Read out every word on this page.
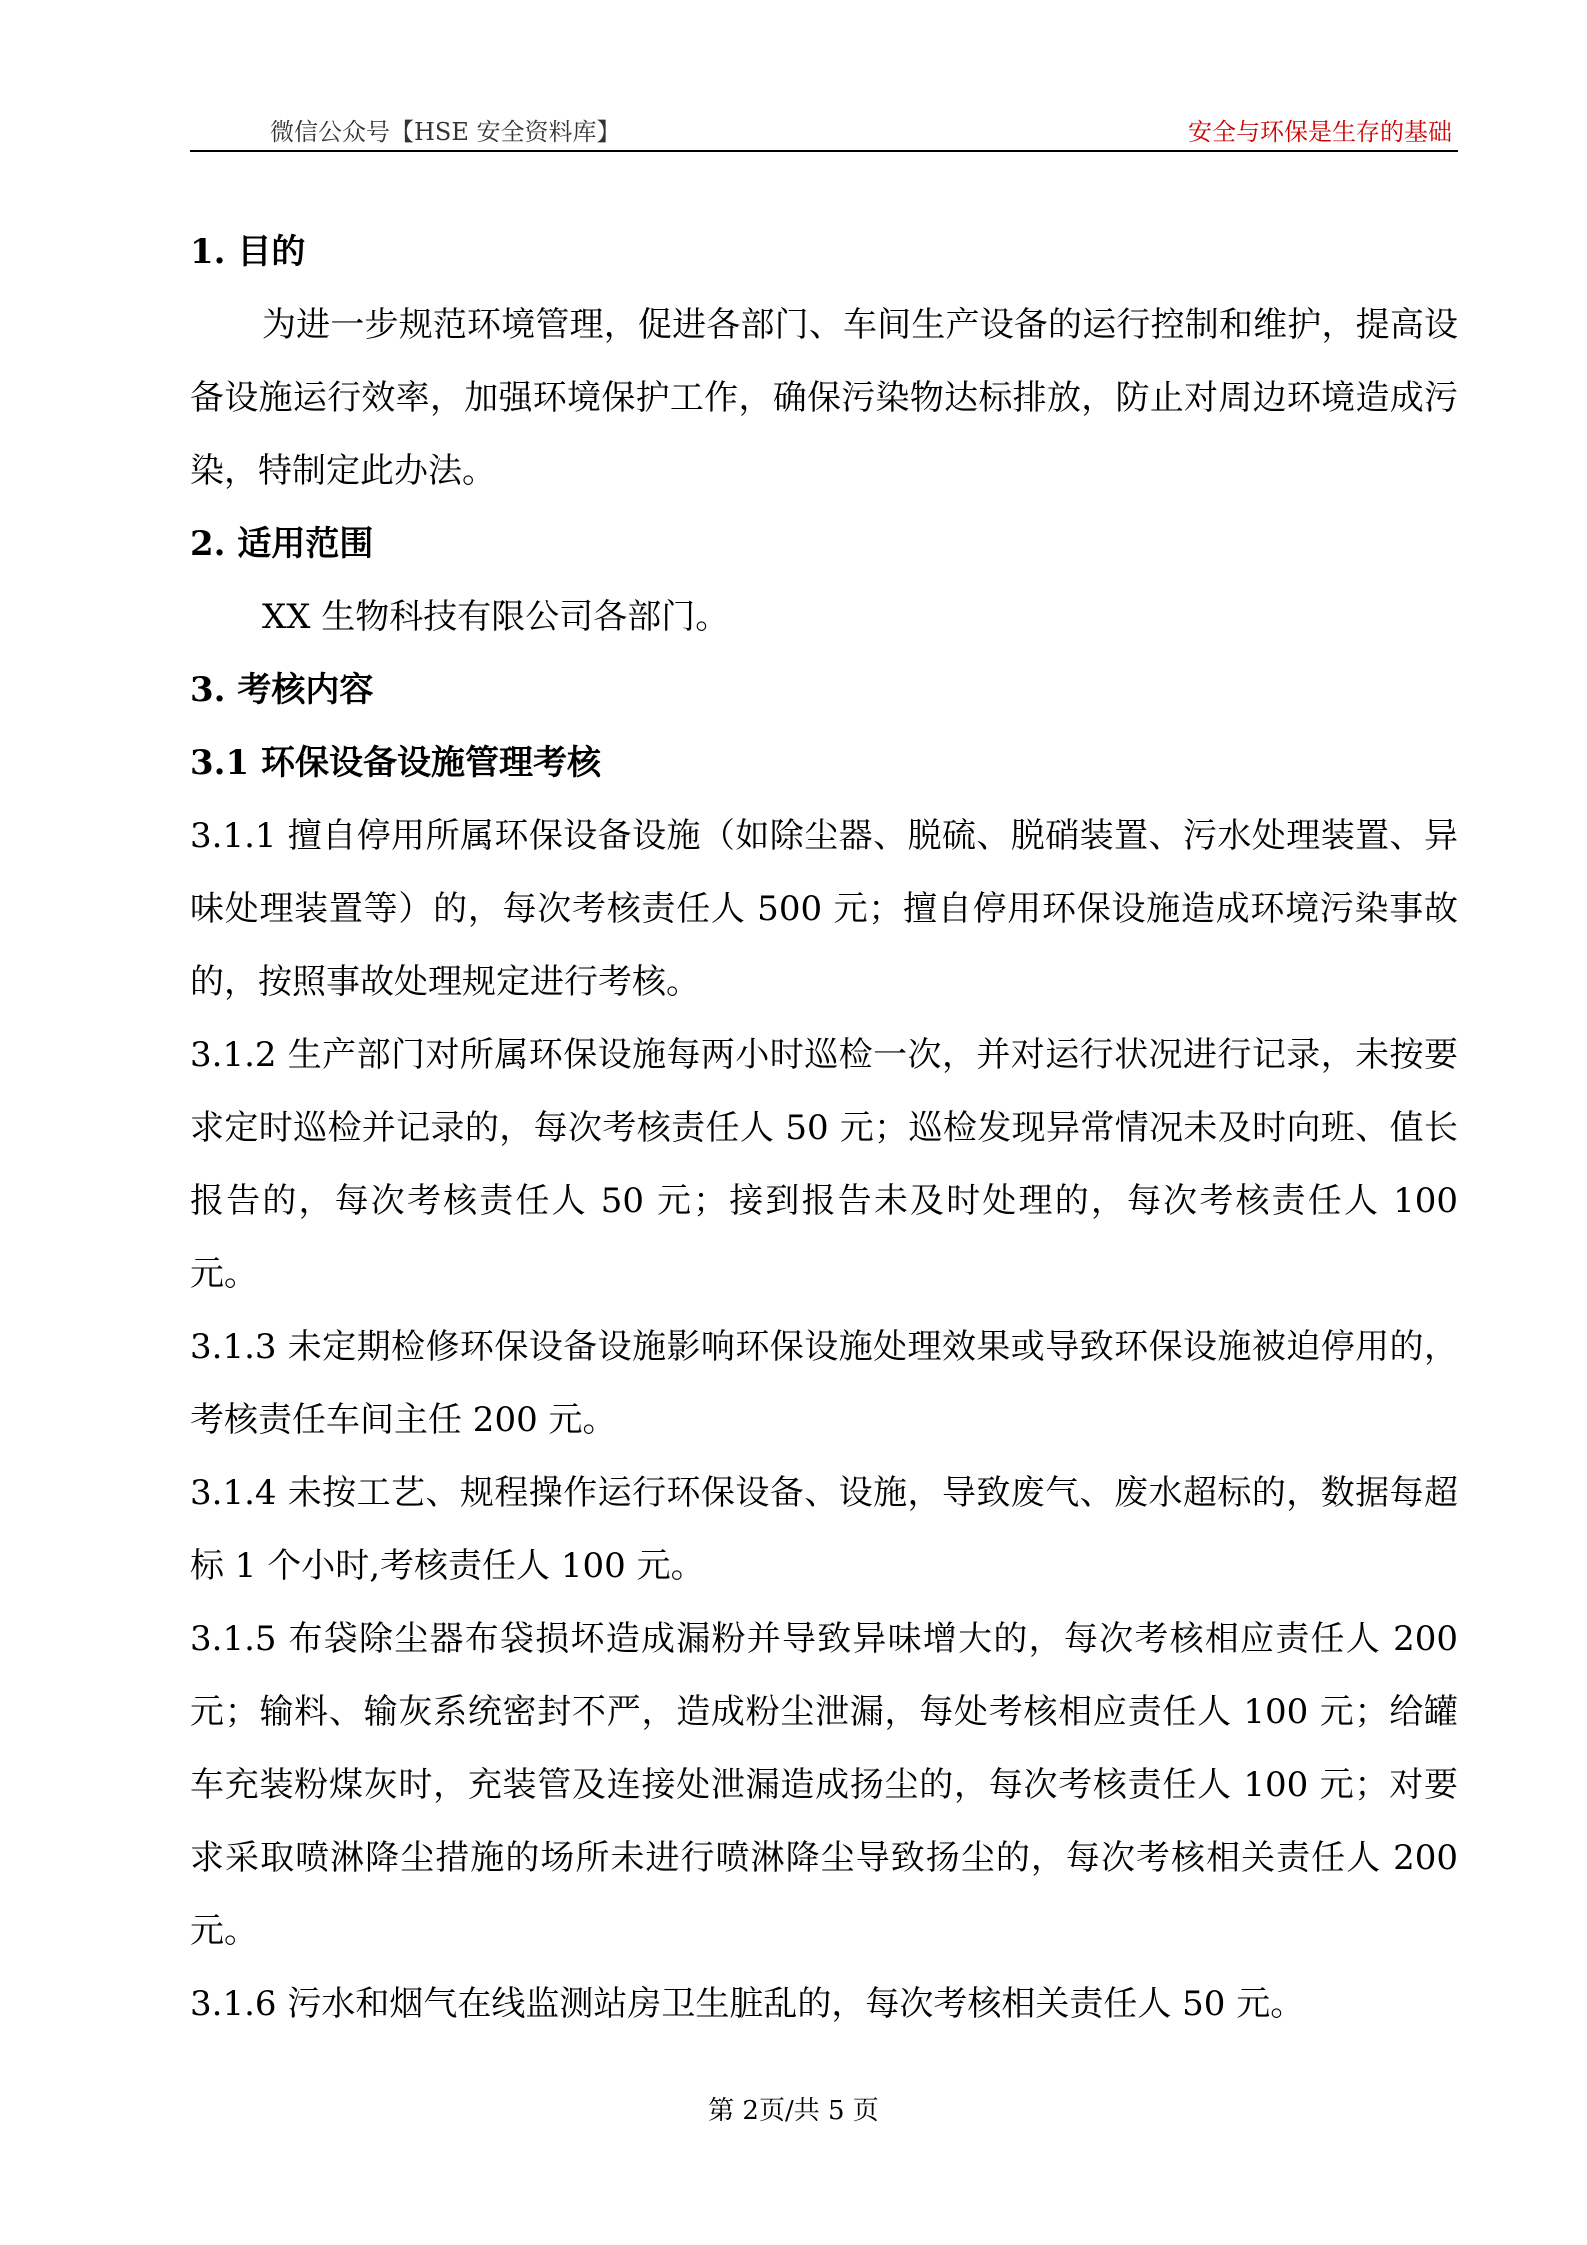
微信公众号【HSE 安全资料库】	安全与环保是生存的基础

1. 目的

为进一步规范环境管理，促进各部门、车间生产设备的运行控制和维护，提高设备设施运行效率，加强环境保护工作，确保污染物达标排放，防止对周边环境造成污染，特制定此办法。

2. 适用范围

XX 生物科技有限公司各部门。

3. 考核内容

3.1 环保设备设施管理考核

3.1.1 擅自停用所属环保设备设施（如除尘器、脱硫、脱硝装置、污水处理装置、异味处理装置等）的，每次考核责任人 500 元；擅自停用环保设施造成环境污染事故的，按照事故处理规定进行考核。

3.1.2 生产部门对所属环保设施每两小时巡检一次，并对运行状况进行记录，未按要求定时巡检并记录的，每次考核责任人 50 元；巡检发现异常情况未及时向班、值长报告的，每次考核责任人 50 元；接到报告未及时处理的，每次考核责任人 100 元。

3.1.3 未定期检修环保设备设施影响环保设施处理效果或导致环保设施被迫停用的，考核责任车间主任 200 元。

3.1.4 未按工艺、规程操作运行环保设备、设施，导致废气、废水超标的，数据每超标 1 个小时,考核责任人 100 元。

3.1.5 布袋除尘器布袋损坏造成漏粉并导致异味增大的，每次考核相应责任人 200 元；输料、输灰系统密封不严，造成粉尘泄漏，每处考核相应责任人 100 元；给罐车充装粉煤灰时，充装管及连接处泄漏造成扬尘的，每次考核责任人 100 元；对要求采取喷淋降尘措施的场所未进行喷淋降尘导致扬尘的，每次考核相关责任人 200 元。

3.1.6 污水和烟气在线监测站房卫生脏乱的，每次考核相关责任人 50 元。

第 2页/共 5 页
